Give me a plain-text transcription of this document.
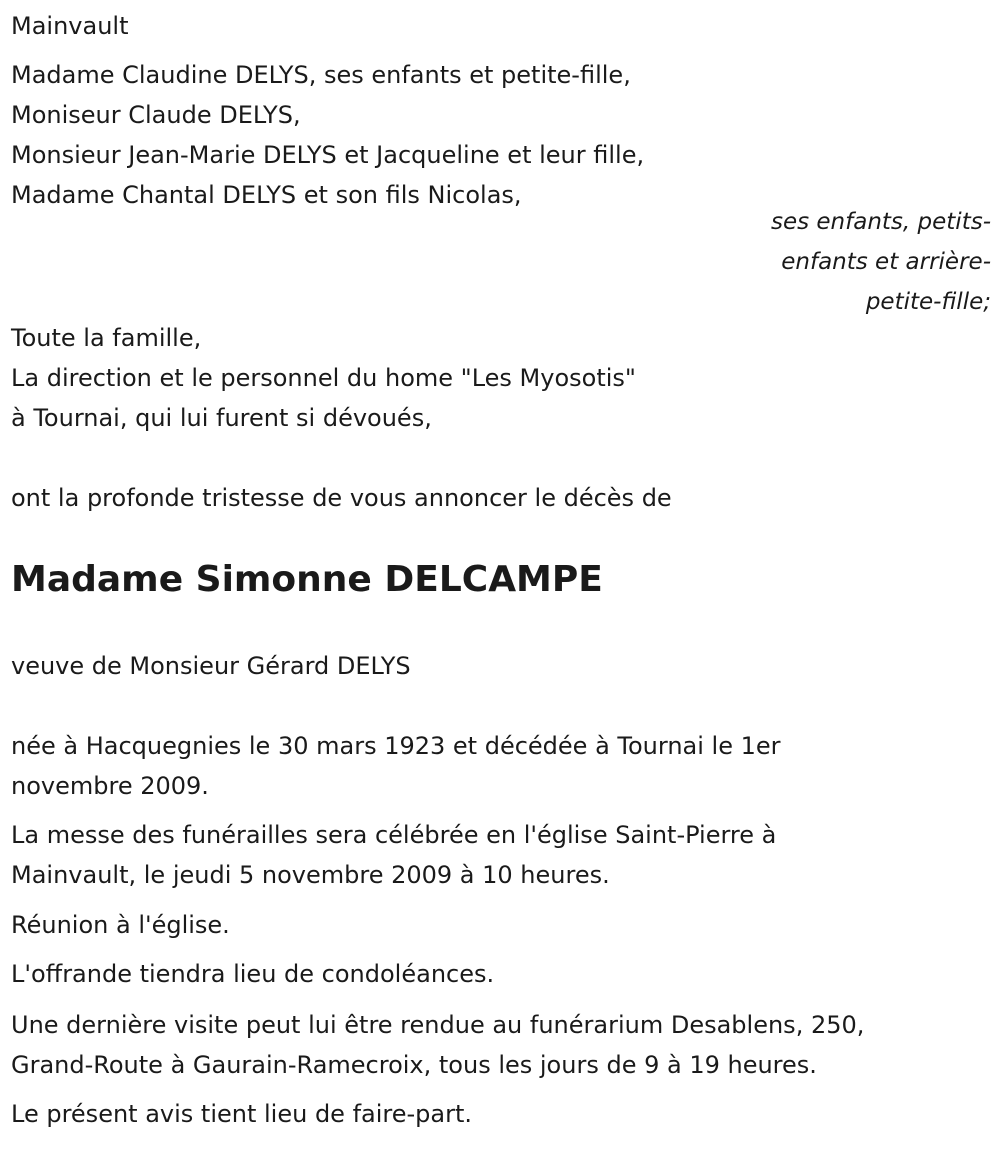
Mainvault
Madame Claudine DELYS, ses enfants et petite-fille,
Moniseur Claude DELYS,
Monsieur Jean-Marie DELYS et Jacqueline et leur fille,
Madame Chantal DELYS et son fils Nicolas,
ses enfants, petits-
enfants et arrière-
petite-fille;
Toute la famille,
La direction et le personnel du home "Les Myosotis"
à Tournai, qui lui furent si dévoués,
ont la profonde tristesse de vous annoncer le décès de
Madame Simonne DELCAMPE
veuve de Monsieur Gérard DELYS
née à Hacquegnies le 30 mars 1923 et décédée à Tournai le 1er
novembre 2009.
La messe des funérailles sera célébrée en l'église Saint-Pierre à
Mainvault, le jeudi 5 novembre 2009 à 10 heures.
Réunion à l'église.
L'offrande tiendra lieu de condoléances.
Une dernière visite peut lui être rendue au funérarium Desablens, 250,
Grand-Route à Gaurain-Ramecroix, tous les jours de 9 à 19 heures.
Le présent avis tient lieu de faire-part.
